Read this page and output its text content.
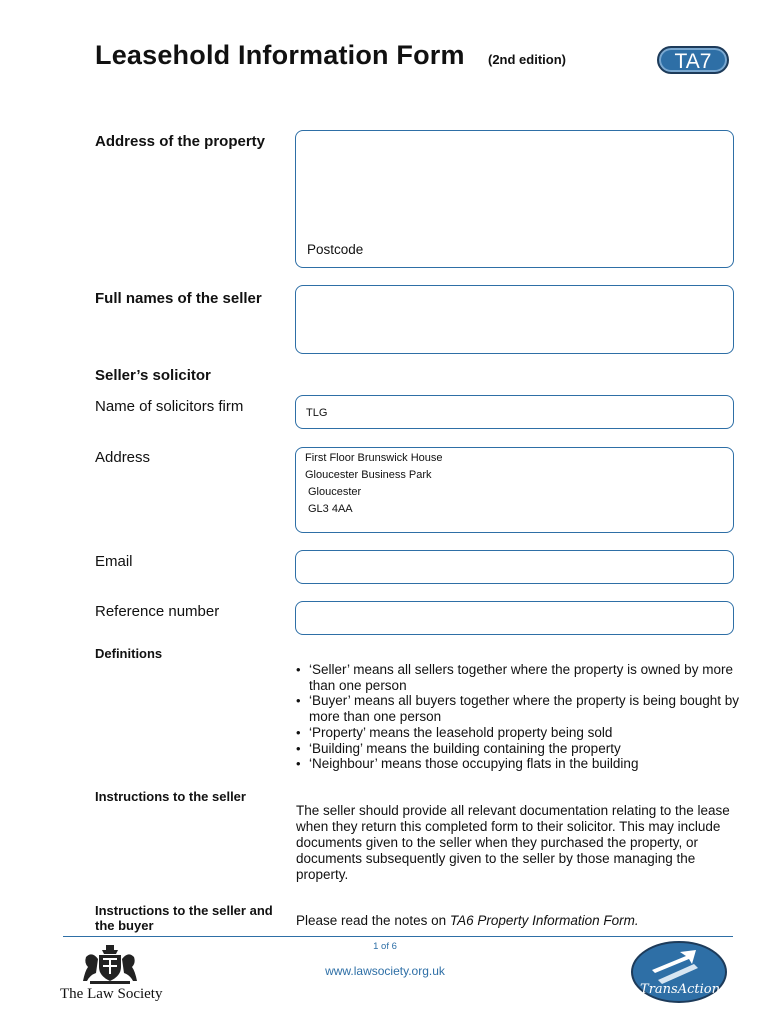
Leasehold Information Form (2nd edition)	TA7
Address of the property
Postcode
Full names of the seller
Seller’s solicitor
Name of solicitors firm	TLG
Address	First Floor Brunswick House
Gloucester Business Park
Gloucester
GL3 4AA
Email
Reference number
Definitions
• ‘Seller’ means all sellers together where the property is owned by more than one person
• ‘Buyer’ means all buyers together where the property is being bought by more than one person
• ‘Property’ means the leasehold property being sold
• ‘Building’ means the building containing the property
• ‘Neighbour’ means those occupying flats in the building
Instructions to the seller
The seller should provide all relevant documentation relating to the lease when they return this completed form to their solicitor. This may include documents given to the seller when they purchased the property, or documents subsequently given to the seller by those managing the property.
Instructions to the seller and the buyer	Please read the notes on TA6 Property Information Form.
1 of 6
www.lawsociety.org.uk
The Law Society	TransAction
